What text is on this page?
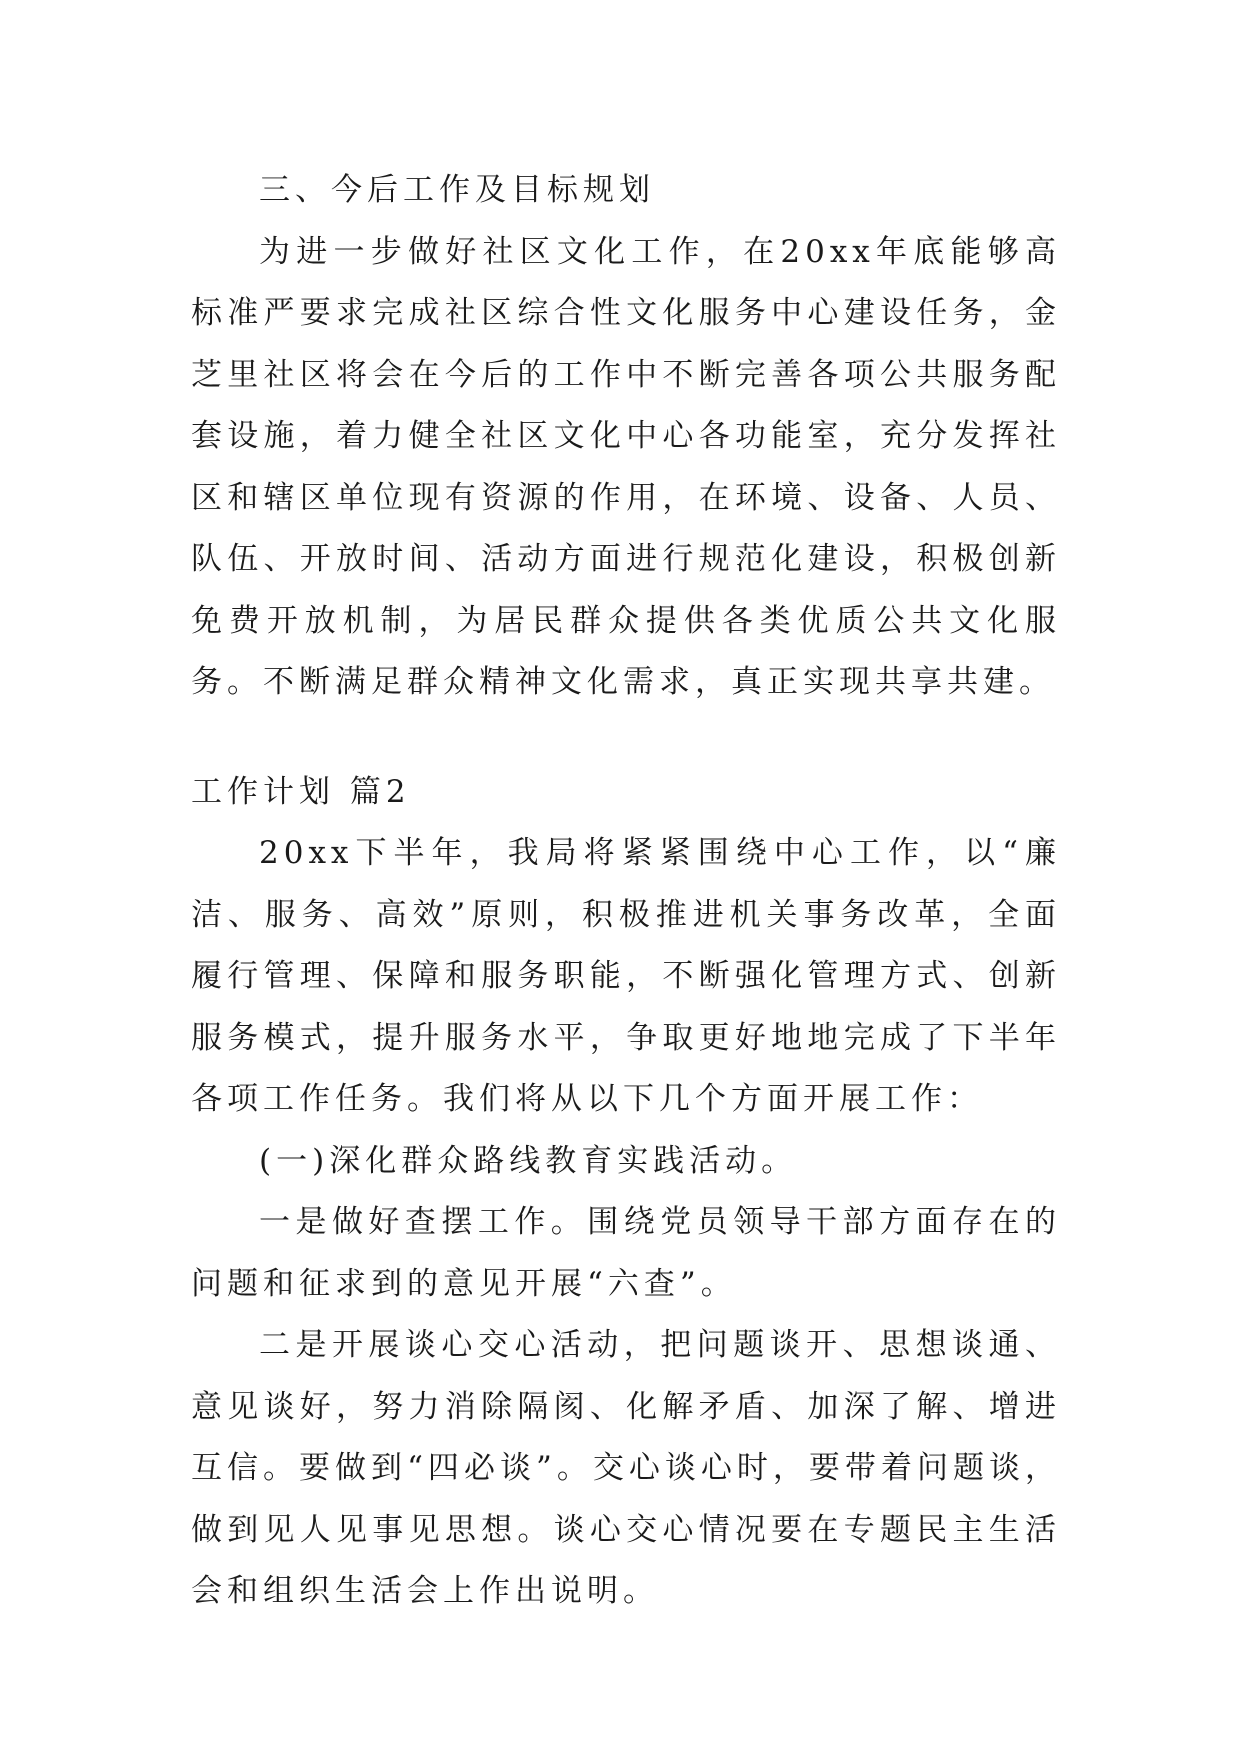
三、今后工作及目标规划

为进一步做好社区文化工作，在20xx年底能够高标准严要求完成社区综合性文化服务中心建设任务，金芝里社区将会在今后的工作中不断完善各项公共服务配套设施，着力健全社区文化中心各功能室，充分发挥社区和辖区单位现有资源的作用，在环境、设备、人员、队伍、开放时间、活动方面进行规范化建设，积极创新免费开放机制，为居民群众提供各类优质公共文化服务。不断满足群众精神文化需求，真正实现共享共建。

工作计划 篇2

20xx下半年，我局将紧紧围绕中心工作，以“廉洁、服务、高效”原则，积极推进机关事务改革，全面履行管理、保障和服务职能，不断强化管理方式、创新服务模式，提升服务水平，争取更好地地完成了下半年各项工作任务。我们将从以下几个方面开展工作：

(一)深化群众路线教育实践活动。

一是做好查摆工作。围绕党员领导干部方面存在的问题和征求到的意见开展“六查”。

二是开展谈心交心活动，把问题谈开、思想谈通、意见谈好，努力消除隔阂、化解矛盾、加深了解、增进互信。要做到“四必谈”。交心谈心时，要带着问题谈，做到见人见事见思想。谈心交心情况要在专题民主生活会和组织生活会上作出说明。
